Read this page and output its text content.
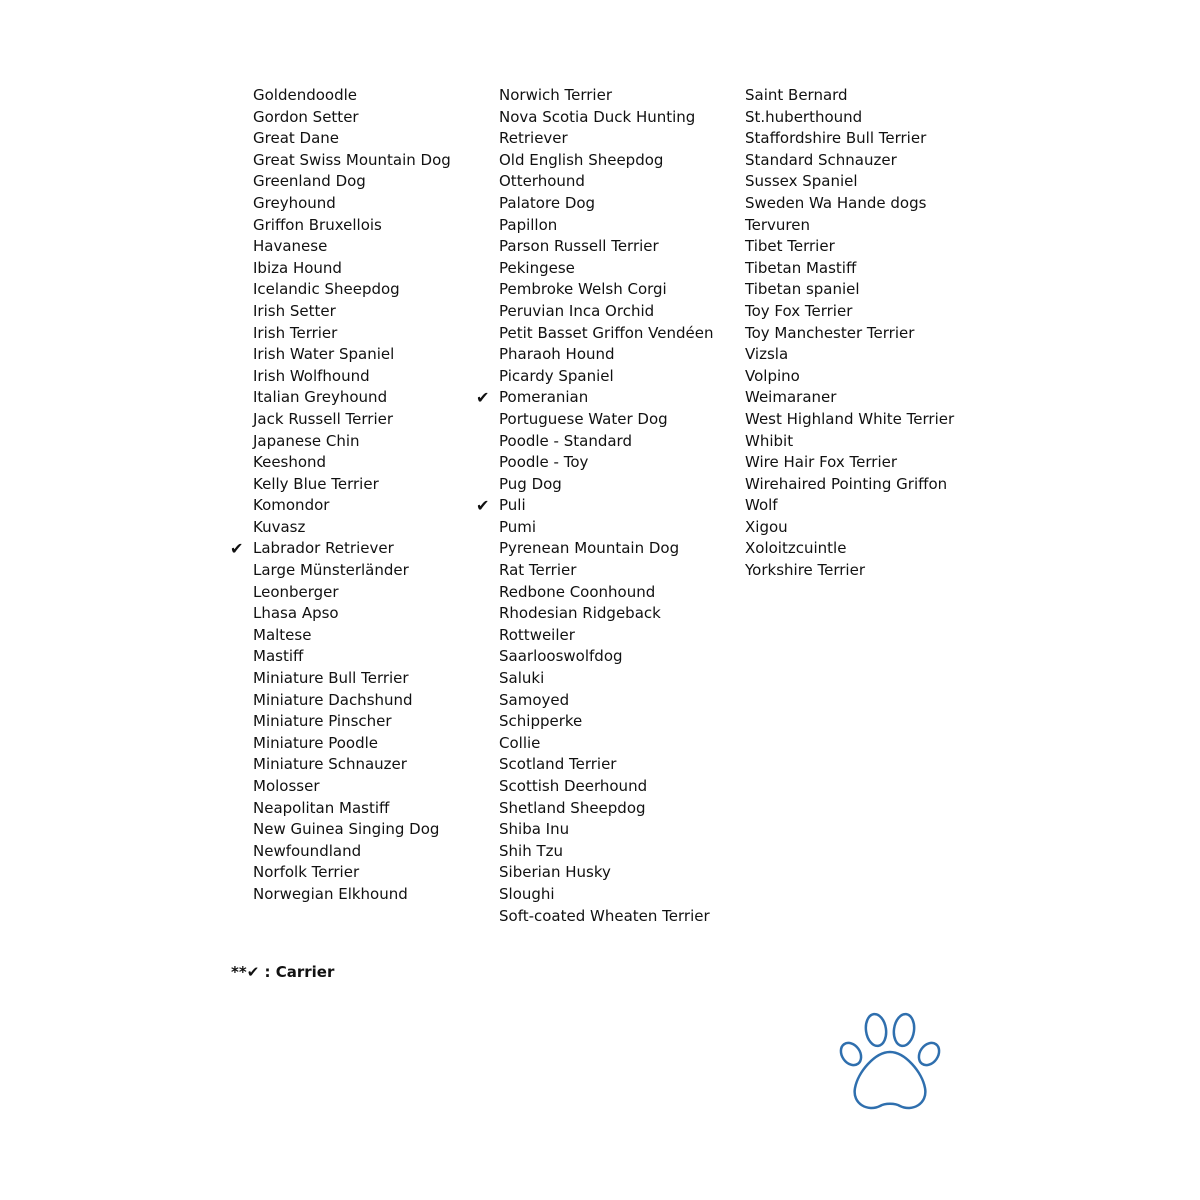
Goldendoodle
Gordon Setter
Great Dane
Great Swiss Mountain Dog
Greenland Dog
Greyhound
Griffon Bruxellois
Havanese
Ibiza Hound
Icelandic Sheepdog
Irish Setter
Irish Terrier
Irish Water Spaniel
Irish Wolfhound
Italian Greyhound
Jack Russell Terrier
Japanese Chin
Keeshond
Kelly Blue Terrier
Komondor
Kuvasz
✔ Labrador Retriever
Large Münsterländer
Leonberger
Lhasa Apso
Maltese
Mastiff
Miniature Bull Terrier
Miniature Dachshund
Miniature Pinscher
Miniature Poodle
Miniature Schnauzer
Molosser
Neapolitan Mastiff
New Guinea Singing Dog
Newfoundland
Norfolk Terrier
Norwegian Elkhound
Norwich Terrier
Nova Scotia Duck Hunting
Retriever
Old English Sheepdog
Otterhound
Palatore Dog
Papillon
Parson Russell Terrier
Pekingese
Pembroke Welsh Corgi
Peruvian Inca Orchid
Petit Basset Griffon Vendéen
Pharaoh Hound
Picardy Spaniel
✔ Pomeranian
Portuguese Water Dog
Poodle - Standard
Poodle - Toy
Pug Dog
✔ Puli
Pumi
Pyrenean Mountain Dog
Rat Terrier
Redbone Coonhound
Rhodesian Ridgeback
Rottweiler
Saarlooswolfdog
Saluki
Samoyed
Schipperke
Collie
Scotland Terrier
Scottish Deerhound
Shetland Sheepdog
Shiba Inu
Shih Tzu
Siberian Husky
Sloughi
Soft-coated Wheaten Terrier
Saint Bernard
St.huberthound
Staffordshire Bull Terrier
Standard Schnauzer
Sussex Spaniel
Sweden Wa Hande dogs
Tervuren
Tibet Terrier
Tibetan Mastiff
Tibetan spaniel
Toy Fox Terrier
Toy Manchester Terrier
Vizsla
Volpino
Weimaraner
West Highland White Terrier
Whibit
Wire Hair Fox Terrier
Wirehaired Pointing Griffon
Wolf
Xigou
Xoloitzcuintle
Yorkshire Terrier
**✔ : Carrier
